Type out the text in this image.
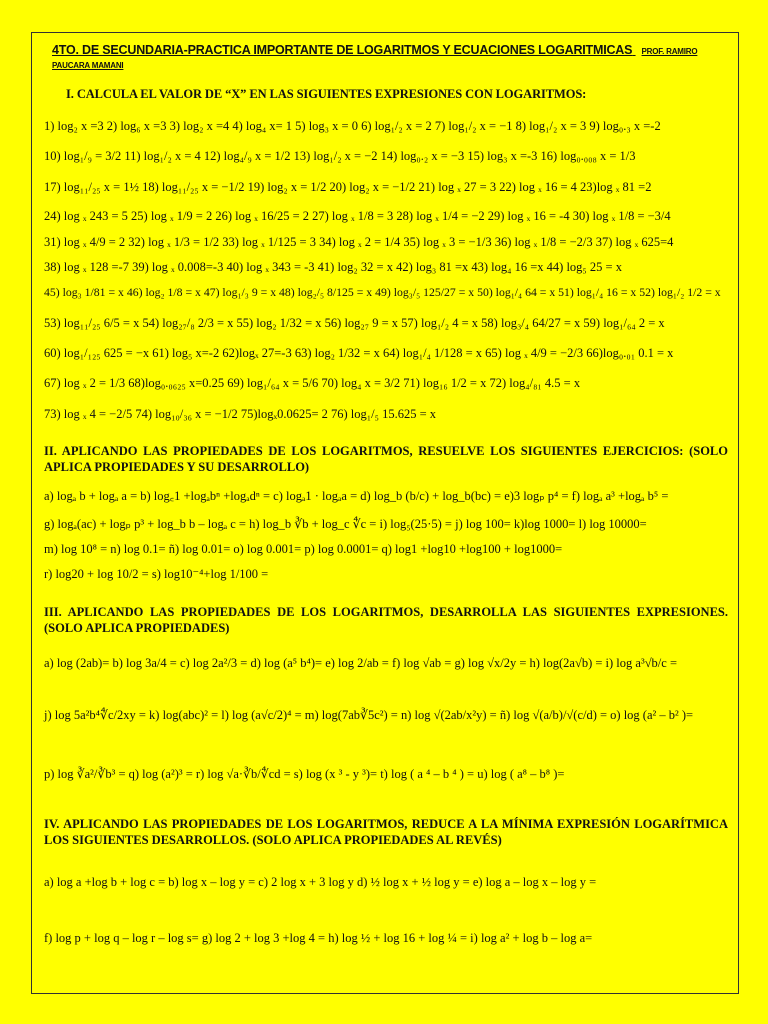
4TO. DE SECUNDARIA-PRACTICA IMPORTANTE DE LOGARITMOS Y ECUACIONES LOGARITMICAS PROF. RAMIRO PAUCARA MAMANI
I. CALCULA EL VALOR DE “X” EN LAS SIGUIENTES EXPRESIONES CON LOGARITMOS:
1) log₂ x =3 2) log₆ x =3 3) log₂ x =4 4) log₄ x= 1 5) log₃ x = 0 6) log₁/₂ x = 2 7) log₁/₂ x = −1 8) log₁/₂ x = 3 9) log₀.₃ x =-2
10) log₁/₉ = 3/2 11) log₁/₂ x = 4 12) log₄/₉ x = 1/2 13) log₁/₂ x = −2 14) log₀.₂ x = −3 15) log₃ x =-3 16) log₀.₀₀₈ x = 1/3
17) log₁₁/₂₅ x = 1½ 18) log₁₁/₂₅ x = −1/2 19) log₂ x = 1/2 20) log₂ x = −1/2 21) log ₓ 27 = 3 22) log ₓ 16 = 4 23)log ₓ 81 =2
24) log ₓ 243 = 5 25) log ₓ 1/9 = 2 26) log ₓ 16/25 = 2 27) log ₓ 1/8 = 3 28) log ₓ 1/4 = −2 29) log ₓ 16 = -4 30) log ₓ 1/8 = −3/4
31) log ₓ 4/9 = 2 32) log ₓ 1/3 = 1/2 33) log ₓ 1/125 = 3 34) log ₓ 2 = 1/4 35) log ₓ 3 = −1/3 36) log ₓ 1/8 = −2/3 37) log ₓ 625=4
38) log ₓ 128 =-7 39) log ₓ 0.008=-3 40) log ₓ 343 = -3 41) log₂ 32 = x 42) log₃ 81 =x 43) log₄ 16 =x 44) log₅ 25 = x
45) log₃ 1/81 = x 46) log₂ 1/8 = x 47) log₁/₃ 9 = x 48) log₂/₅ 8/125 = x 49) log₃/₅ 125/27 = x 50) log₁/₄ 64 = x 51) log₁/₄ 16 = x 52) log₁/₂ 1/2 = x
53) log₁₁/₂₅ 6/5 = x 54) log₂₇/₈ 2/3 = x 55) log₂ 1/32 = x 56) log₂₇ 9 = x 57) log₁/₂ 4 = x 58) log₃/₄ 64/27 = x 59) log₁/₆₄ 2 = x
60) log₁/₁₂₅ 625 = −x 61) log₅ x=-2 62)logₓ 27=-3 63) log₂ 1/32 = x 64) log₁/₄ 1/128 = x 65) log ₓ 4/9 = −2/3 66)log₀.₀₁ 0.1 = x
67) log ₓ 2 = 1/3 68)log₀.₀₆₂₅ x=0.25 69) log₁/₆₄ x = 5/6 70) log₄ x = 3/2 71) log₁₆ 1/2 = x 72) log₄/₈₁ 4.5 = x
73) log ₓ 4 = −2/5 74) log₁₀/₃₆ x = −1/2 75)logₓ0.0625= 2 76) log₁/₅ 15.625 = x
II. APLICANDO LAS PROPIEDADES DE LOS LOGARITMOS, RESUELVE LOS SIGUIENTES EJERCICIOS: (SOLO APLICA PROPIEDADES Y SU DESARROLLO)
a) logₐ b + logₐ a = b) log꜀1 +logₐbⁿ +logₐdⁿ = c) logₐ1 · logₐa = d) log_b (b/c) + log_b(bc) = e)3 logₚ p⁴ = f) logₐ a³ +logₐ b⁵ =
g) logₐ(ac) + logₚ p³ + log_b b – logₐ c = h) log_b ∛b + log_c ∜c = i) log₅(25·5) = j) log 100= k)log 1000= l) log 10000=
m) log 10⁸ = n) log 0.1= ñ) log 0.01= o) log 0.001= p) log 0.0001= q) log1 +log10 +log100 + log1000=
r) log20 + log 10/2 = s) log10⁻⁴+log 1/100 =
III. APLICANDO LAS PROPIEDADES DE LOS LOGARITMOS, DESARROLLA LAS SIGUIENTES EXPRESIONES. (SOLO APLICA PROPIEDADES)
a) log (2ab)= b) log 3a/4 = c) log 2a²/3 = d) log (a⁵ b⁴)= e) log 2/ab = f) log √ab = g) log √x/2y = h) log(2a√b) = i) log a³√b/c =
j) log 5a²b⁴∜c/2xy = k) log(abc)² = l) log (a√c/2)⁴ = m) log(7ab∛5c²) = n) log √(2ab/x²y) = ñ) log √(a/b)/√(c/d) = o) log (a² – b² )=
p) log ∛a²/∛b³ = q) log (a²)³ = r) log √a·∛b/∜cd = s) log (x ³ - y ³)= t) log ( a ⁴ – b ⁴ ) = u) log ( a⁸ – b⁸ )=
IV. APLICANDO LAS PROPIEDADES DE LOS LOGARITMOS, REDUCE A LA MÍNIMA EXPRESIÓN LOGARÍTMICA LOS SIGUIENTES DESARROLLOS. (SOLO APLICA PROPIEDADES AL REVÉS)
a) log a +log b + log c = b) log x – log y = c) 2 log x + 3 log y d) ½ log x + ½ log y = e) log a – log x – log y =
f) log p + log q – log r – log s= g) log 2 + log 3 +log 4 = h) log ½ + log 16 + log ¼ = i) log a² + log b – log a=
